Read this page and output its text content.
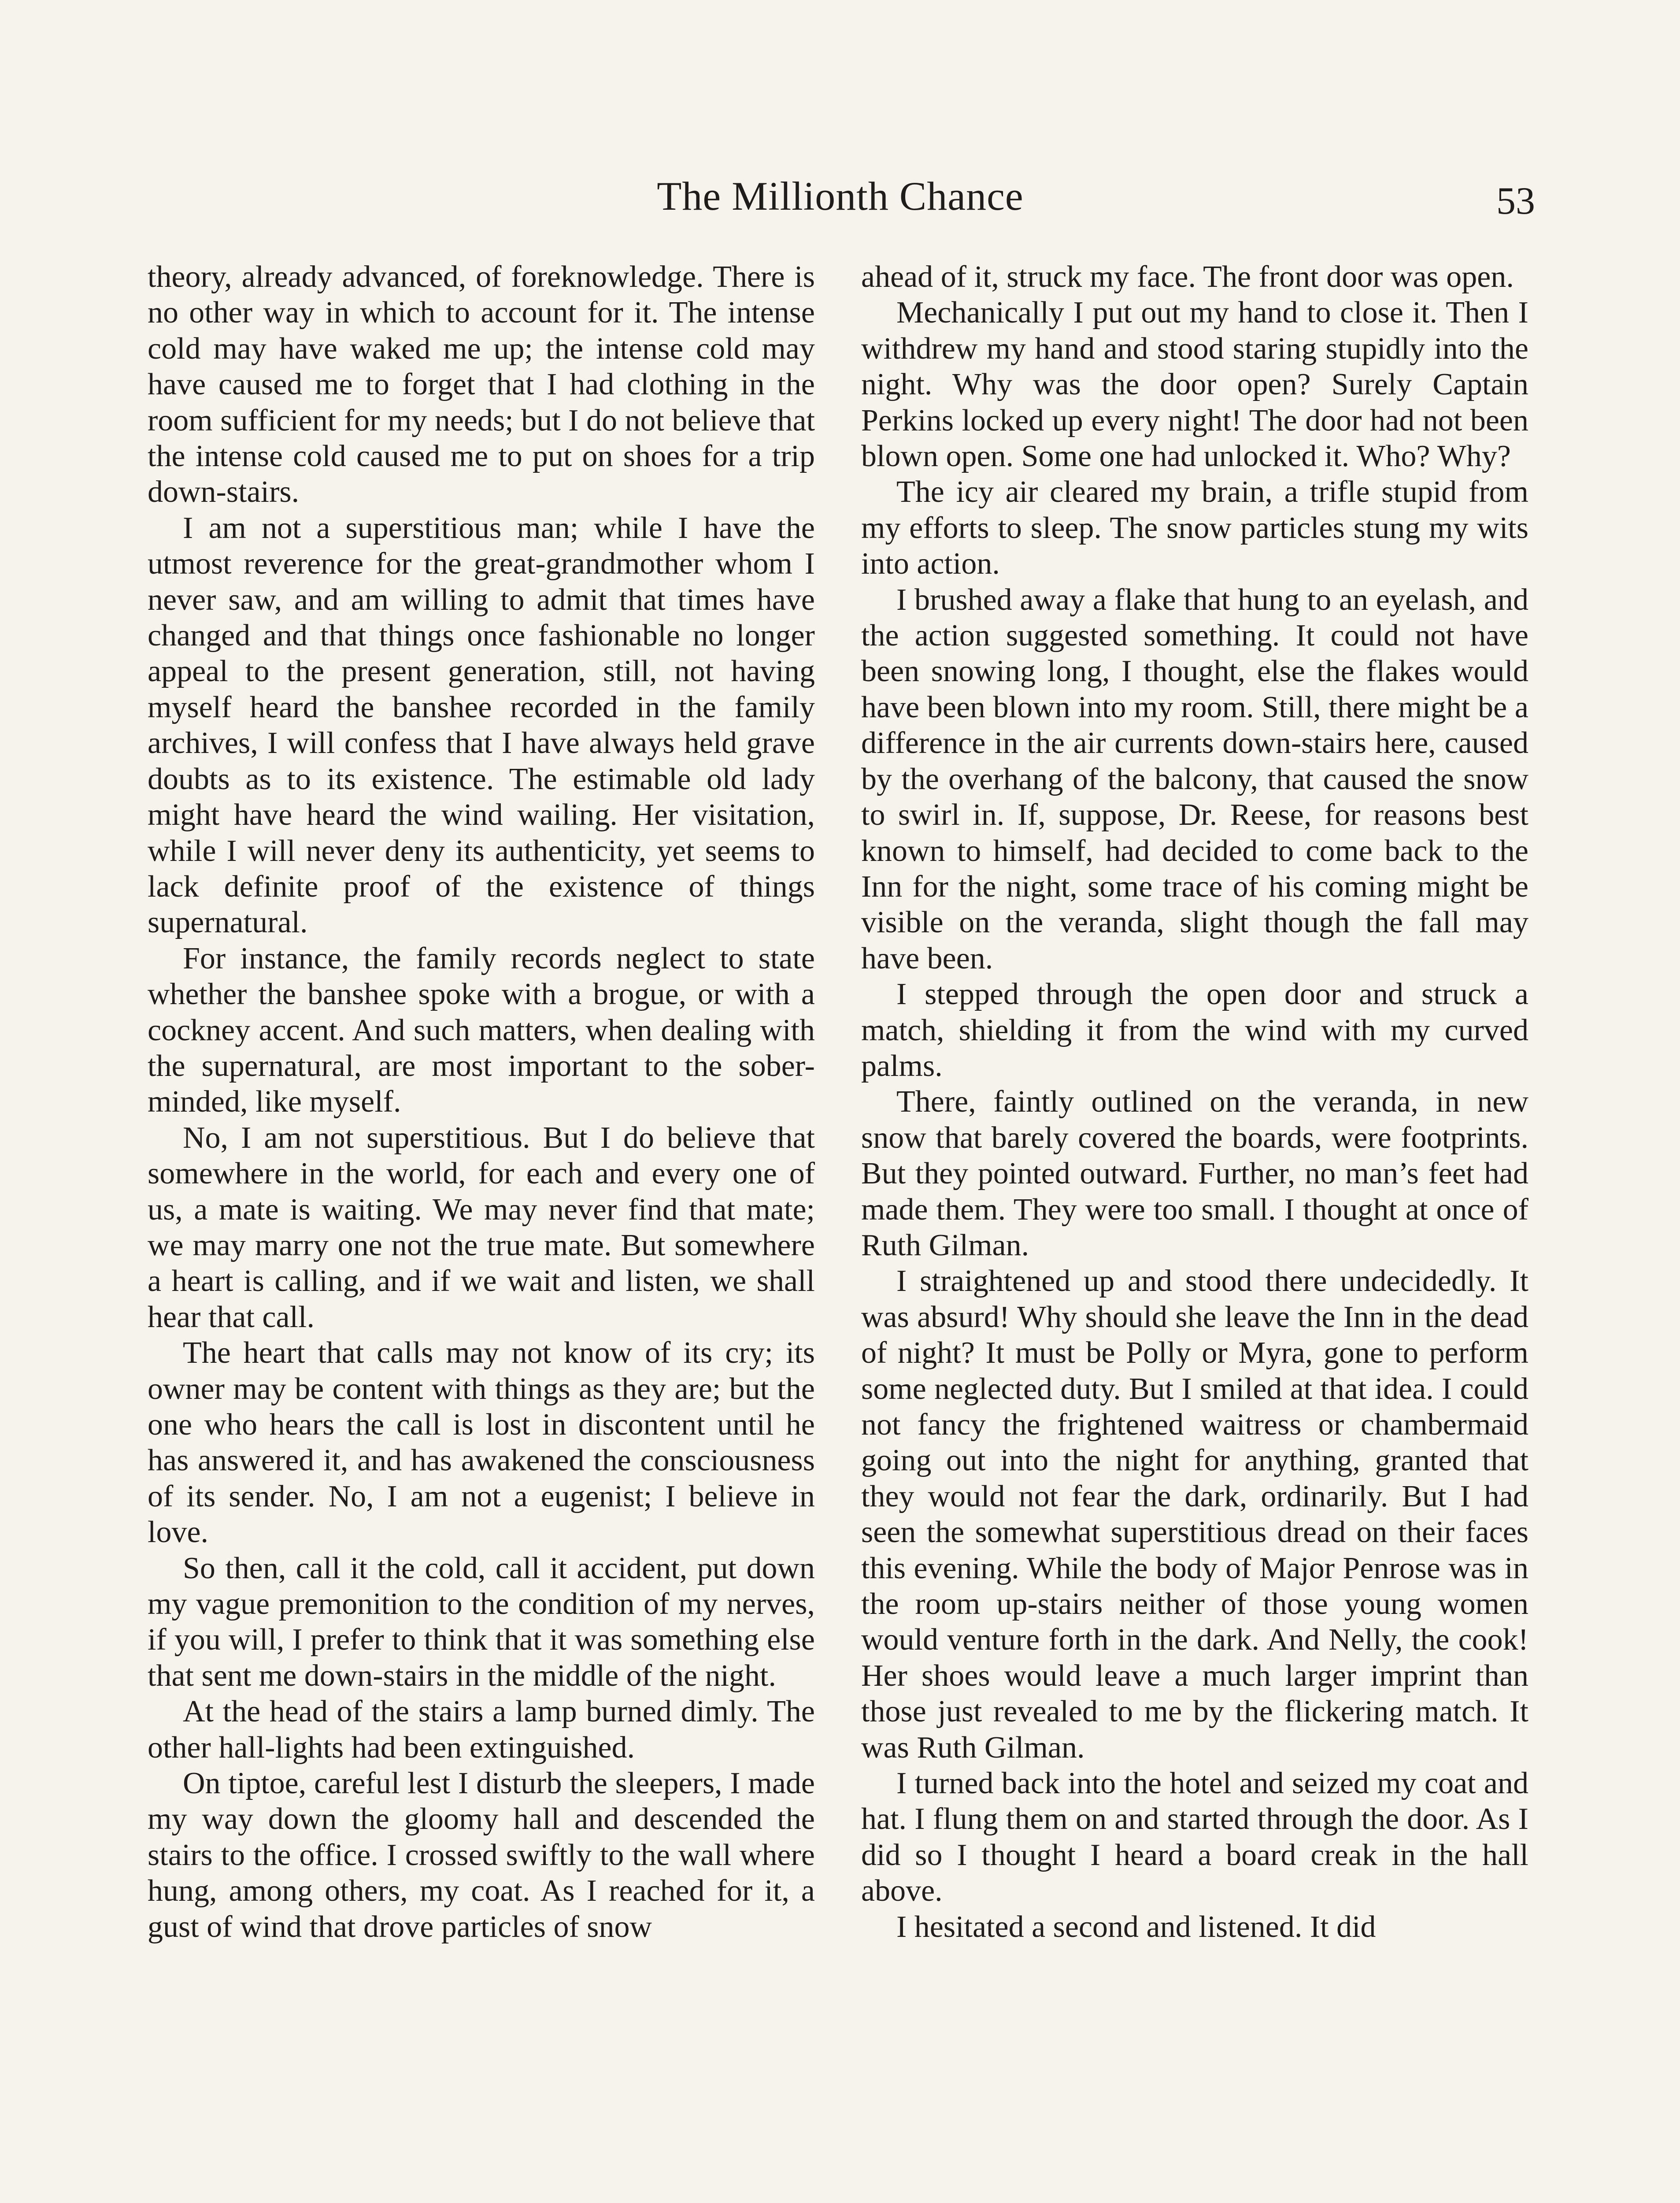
The Millionth Chance	53

theory, already advanced, of foreknowledge. There is no other way in which to account for it. The intense cold may have waked me up; the intense cold may have caused me to forget that I had clothing in the room sufficient for my needs; but I do not believe that the intense cold caused me to put on shoes for a trip down-stairs.

I am not a superstitious man; while I have the utmost reverence for the great-grandmother whom I never saw, and am willing to admit that times have changed and that things once fashionable no longer appeal to the present generation, still, not having myself heard the banshee recorded in the family archives, I will confess that I have always held grave doubts as to its existence. The estimable old lady might have heard the wind wailing. Her visitation, while I will never deny its authenticity, yet seems to lack definite proof of the existence of things supernatural.

For instance, the family records neglect to state whether the banshee spoke with a brogue, or with a cockney accent. And such matters, when dealing with the supernatural, are most important to the sober-minded, like myself.

No, I am not superstitious. But I do believe that somewhere in the world, for each and every one of us, a mate is waiting. We may never find that mate; we may marry one not the true mate. But somewhere a heart is calling, and if we wait and listen, we shall hear that call.

The heart that calls may not know of its cry; its owner may be content with things as they are; but the one who hears the call is lost in discontent until he has answered it, and has awakened the consciousness of its sender. No, I am not a eugenist; I believe in love.

So then, call it the cold, call it accident, put down my vague premonition to the condition of my nerves, if you will, I prefer to think that it was something else that sent me down-stairs in the middle of the night.

At the head of the stairs a lamp burned dimly. The other hall-lights had been extinguished.

On tiptoe, careful lest I disturb the sleepers, I made my way down the gloomy hall and descended the stairs to the office. I crossed swiftly to the wall where hung, among others, my coat. As I reached for it, a gust of wind that drove particles of snow

ahead of it, struck my face. The front door was open.

Mechanically I put out my hand to close it. Then I withdrew my hand and stood staring stupidly into the night. Why was the door open? Surely Captain Perkins locked up every night! The door had not been blown open. Some one had unlocked it. Who? Why?

The icy air cleared my brain, a trifle stupid from my efforts to sleep. The snow particles stung my wits into action.

I brushed away a flake that hung to an eyelash, and the action suggested something. It could not have been snowing long, I thought, else the flakes would have been blown into my room. Still, there might be a difference in the air currents down-stairs here, caused by the overhang of the balcony, that caused the snow to swirl in. If, suppose, Dr. Reese, for reasons best known to himself, had decided to come back to the Inn for the night, some trace of his coming might be visible on the veranda, slight though the fall may have been.

I stepped through the open door and struck a match, shielding it from the wind with my curved palms.

There, faintly outlined on the veranda, in new snow that barely covered the boards, were footprints. But they pointed outward. Further, no man’s feet had made them. They were too small. I thought at once of Ruth Gilman.

I straightened up and stood there undecidedly. It was absurd! Why should she leave the Inn in the dead of night? It must be Polly or Myra, gone to perform some neglected duty. But I smiled at that idea. I could not fancy the frightened waitress or chambermaid going out into the night for anything, granted that they would not fear the dark, ordinarily. But I had seen the somewhat superstitious dread on their faces this evening. While the body of Major Penrose was in the room up-stairs neither of those young women would venture forth in the dark. And Nelly, the cook! Her shoes would leave a much larger imprint than those just revealed to me by the flickering match. It was Ruth Gilman.

I turned back into the hotel and seized my coat and hat. I flung them on and started through the door. As I did so I thought I heard a board creak in the hall above.

I hesitated a second and listened. It did
